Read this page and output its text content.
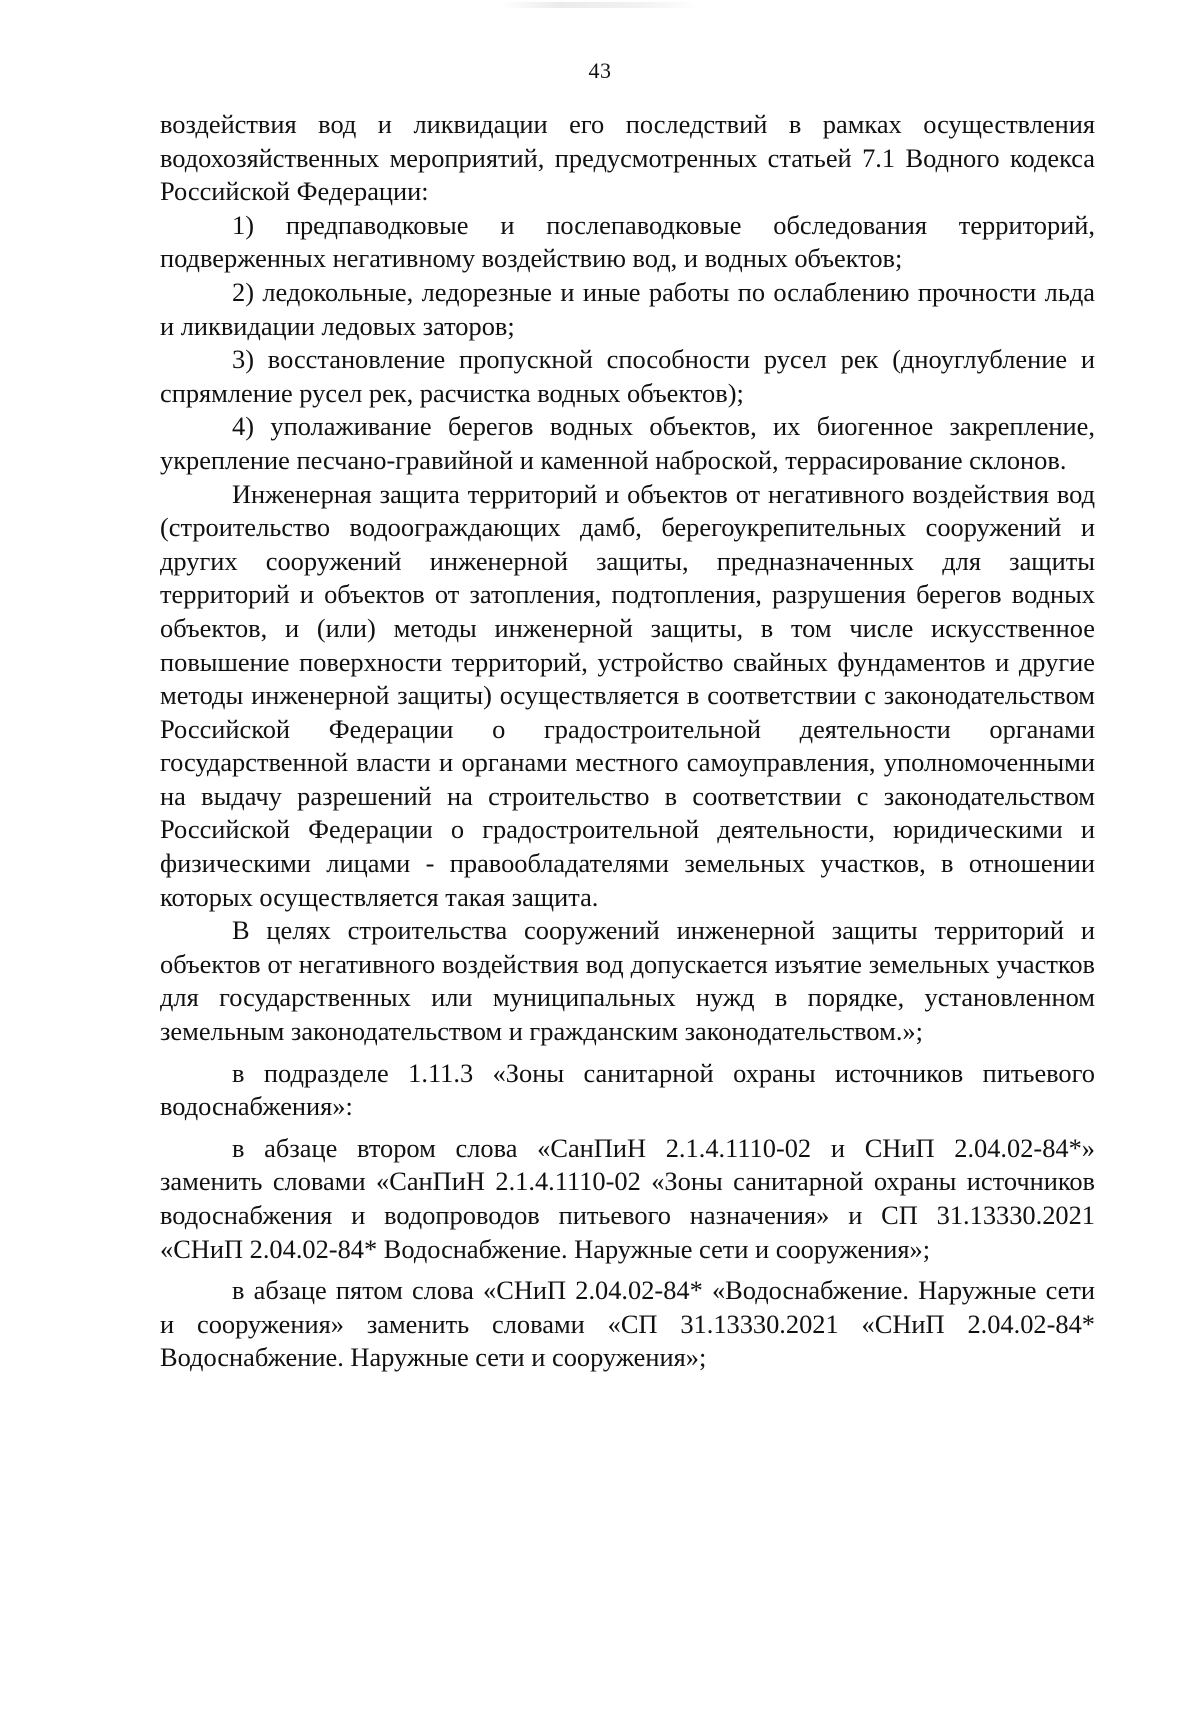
43

воздействия вод и ликвидации его последствий в рамках осуществления водохозяйственных мероприятий, предусмотренных статьей 7.1 Водного кодекса Российской Федерации:

1) предпаводковые и послепаводковые обследования территорий, подверженных негативному воздействию вод, и водных объектов;

2) ледокольные, ледорезные и иные работы по ослаблению прочности льда и ликвидации ледовых заторов;

3) восстановление пропускной способности русел рек (дноуглубление и спрямление русел рек, расчистка водных объектов);

4) уполаживание берегов водных объектов, их биогенное закрепление, укрепление песчано-гравийной и каменной наброской, террасирование склонов.

Инженерная защита территорий и объектов от негативного воздействия вод (строительство водоограждающих дамб, берегоукрепительных сооружений и других сооружений инженерной защиты, предназначенных для защиты территорий и объектов от затопления, подтопления, разрушения берегов водных объектов, и (или) методы инженерной защиты, в том числе искусственное повышение поверхности территорий, устройство свайных фундаментов и другие методы инженерной защиты) осуществляется в соответствии с законодательством Российской Федерации о градостроительной деятельности органами государственной власти и органами местного самоуправления, уполномоченными на выдачу разрешений на строительство в соответствии с законодательством Российской Федерации о градостроительной деятельности, юридическими и физическими лицами - правообладателями земельных участков, в отношении которых осуществляется такая защита.

В целях строительства сооружений инженерной защиты территорий и объектов от негативного воздействия вод допускается изъятие земельных участков для государственных или муниципальных нужд в порядке, установленном земельным законодательством и гражданским законодательством.»;

в подразделе 1.11.3 «Зоны санитарной охраны источников питьевого водоснабжения»:

в абзаце втором слова «СанПиН 2.1.4.1110-02 и СНиП 2.04.02-84*» заменить словами «СанПиН 2.1.4.1110-02 «Зоны санитарной охраны источников водоснабжения и водопроводов питьевого назначения» и СП 31.13330.2021 «СНиП 2.04.02-84* Водоснабжение. Наружные сети и сооружения»;

в абзаце пятом слова «СНиП 2.04.02-84* «Водоснабжение. Наружные сети и сооружения» заменить словами «СП 31.13330.2021 «СНиП 2.04.02-84* Водоснабжение. Наружные сети и сооружения»;
